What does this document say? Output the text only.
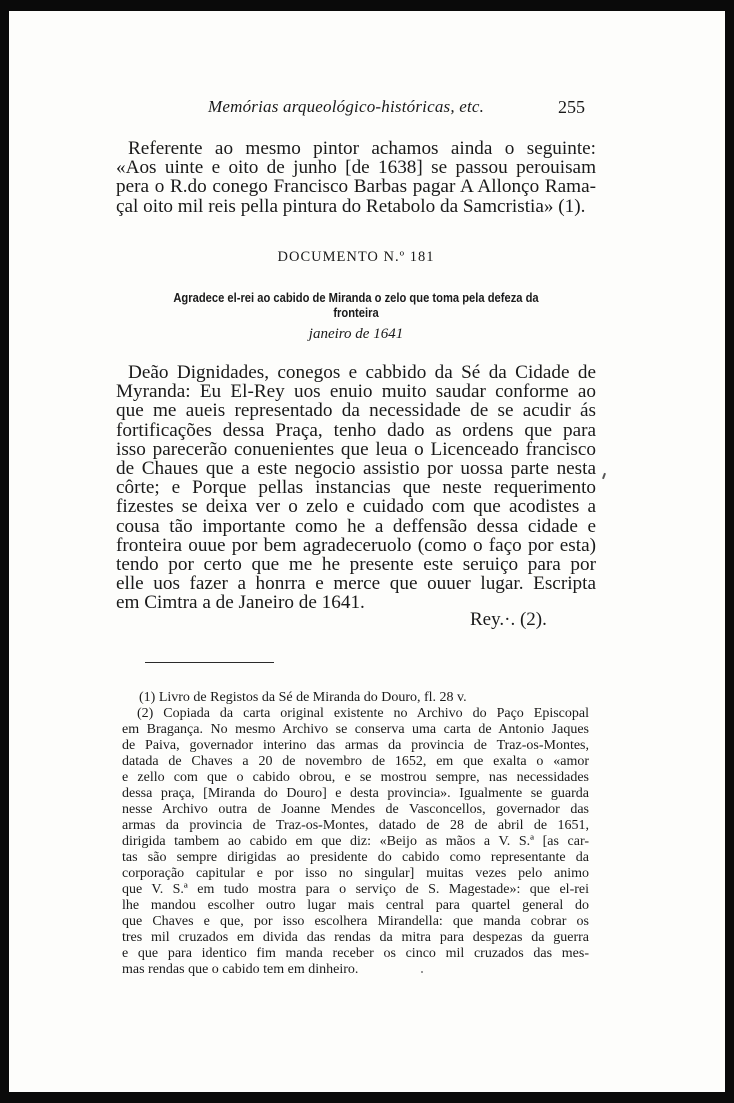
Memórias arqueológico-históricas, etc.	255
Referente ao mesmo pintor achamos ainda o seguinte:
«Aos uinte e oito de junho [de 1638] se passou perouisam
pera o R.do conego Francisco Barbas pagar A Allonço Rama-
çal oito mil reis pella pintura do Retabolo da Samcristia» (1).
DOCUMENTO N.º 181
Agradece el-rei ao cabido de Miranda o zelo que toma pela defeza da fronteira
janeiro de 1641
Deão Dignidades, conegos e cabbido da Sé da Cidade de
Myranda: Eu El-Rey uos enuio muito saudar conforme ao
que me aueis representado da necessidade de se acudir ás
fortificações dessa Praça, tenho dado as ordens que para
isso parecerão conuenientes que leua o Licenceado francisco
de Chaues que a este negocio assistio por uossa parte nesta
côrte; e Porque pellas instancias que neste requerimento
fizestes se deixa ver o zelo e cuidado com que acodistes a
cousa tão importante como he a deffensão dessa cidade e
fronteira ouue por bem agradeceruolo (como o faço por esta)
tendo por certo que me he presente este seruiço para por
elle uos fazer a honrra e merce que ouuer lugar. Escripta
em Cimtra a de Janeiro de 1641.
Rey.·. (2).
(1) Livro de Registos da Sé de Miranda do Douro, fl. 28 v.
(2) Copiada da carta original existente no Archivo do Paço Episcopal
em Bragança. No mesmo Archivo se conserva uma carta de Antonio Jaques
de Paiva, governador interino das armas da provincia de Traz-os-Montes,
datada de Chaves a 20 de novembro de 1652, em que exalta o «amor
e zello com que o cabido obrou, e se mostrou sempre, nas necessidades
dessa praça, [Miranda do Douro] e desta provincia». Igualmente se guarda
nesse Archivo outra de Joanne Mendes de Vasconcellos, governador das
armas da provincia de Traz-os-Montes, datado de 28 de abril de 1651,
dirigida tambem ao cabido em que diz: «Beijo as mãos a V. S.ª [as car-
tas são sempre dirigidas ao presidente do cabido como representante da
corporação capitular e por isso no singular] muitas vezes pelo animo
que V. S.ª em tudo mostra para o serviço de S. Magestade»: que el-rei
lhe mandou escolher outro lugar mais central para quartel general do
que Chaves e que, por isso escolhera Mirandella: que manda cobrar os
tres mil cruzados em divida das rendas da mitra para despezas da guerra
e que para identico fim manda receber os cinco mil cruzados das mes-
mas rendas que o cabido tem em dinheiro.
